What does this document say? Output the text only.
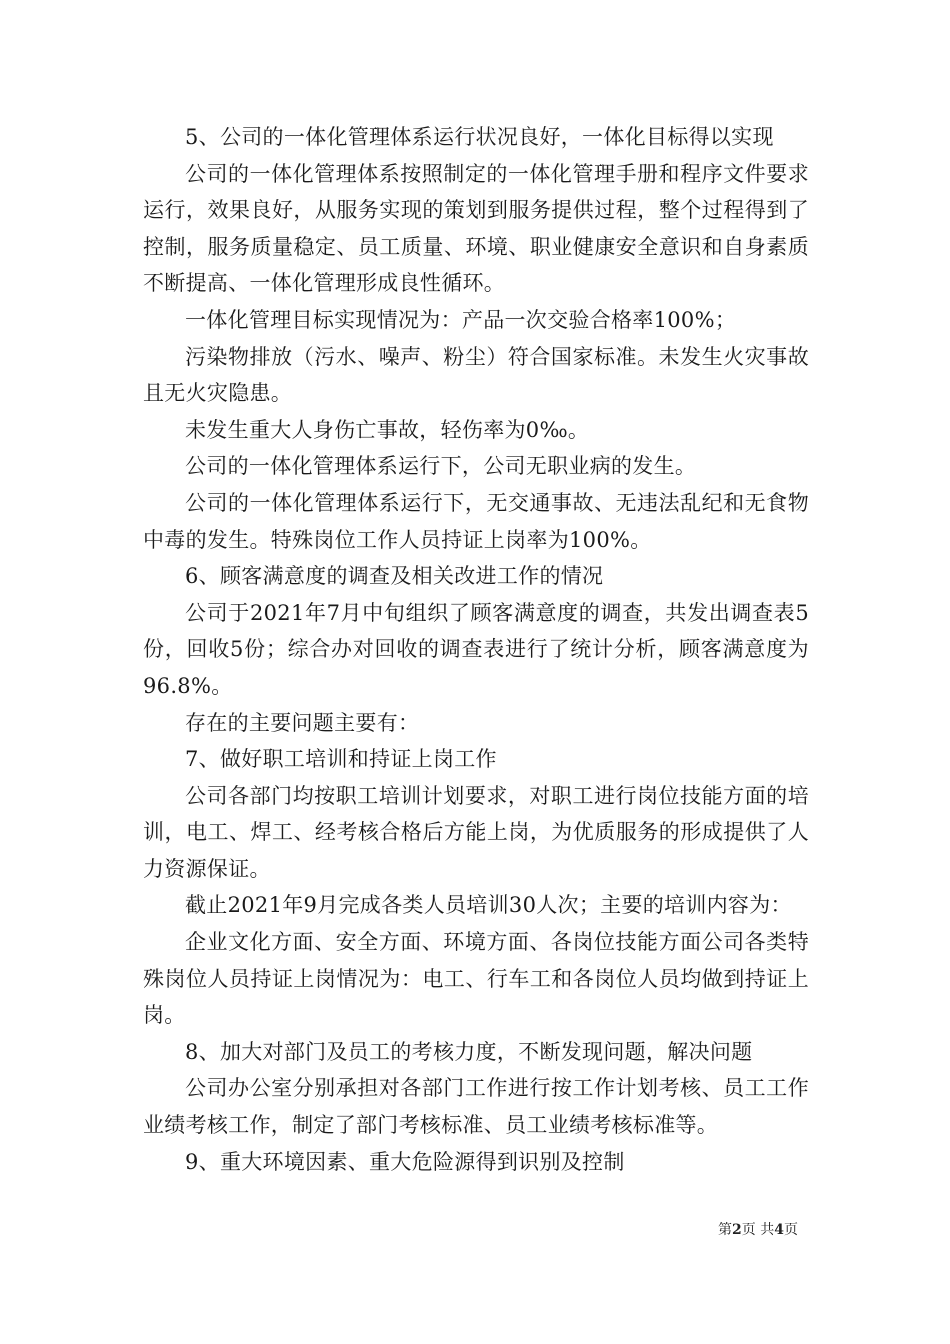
5、公司的一体化管理体系运行状况良好，一体化目标得以实现

公司的一体化管理体系按照制定的一体化管理手册和程序文件要求运行，效果良好，从服务实现的策划到服务提供过程，整个过程得到了控制，服务质量稳定、员工质量、环境、职业健康安全意识和自身素质不断提高、一体化管理形成良性循环。

一体化管理目标实现情况为：产品一次交验合格率100%；

污染物排放（污水、噪声、粉尘）符合国家标准。未发生火灾事故且无火灾隐患。

未发生重大人身伤亡事故，轻伤率为0‰。

公司的一体化管理体系运行下，公司无职业病的发生。

公司的一体化管理体系运行下，无交通事故、无违法乱纪和无食物中毒的发生。特殊岗位工作人员持证上岗率为100%。

6、顾客满意度的调查及相关改进工作的情况

公司于2021年7月中旬组织了顾客满意度的调查，共发出调查表5份，回收5份；综合办对回收的调查表进行了统计分析，顾客满意度为96.8%。

存在的主要问题主要有：

7、做好职工培训和持证上岗工作

公司各部门均按职工培训计划要求，对职工进行岗位技能方面的培训，电工、焊工、经考核合格后方能上岗，为优质服务的形成提供了人力资源保证。

截止2021年9月完成各类人员培训30人次；主要的培训内容为：

企业文化方面、安全方面、环境方面、各岗位技能方面公司各类特殊岗位人员持证上岗情况为：电工、行车工和各岗位人员均做到持证上岗。

8、加大对部门及员工的考核力度，不断发现问题，解决问题

公司办公室分别承担对各部门工作进行按工作计划考核、员工工作业绩考核工作，制定了部门考核标准、员工业绩考核标准等。

9、重大环境因素、重大危险源得到识别及控制

第2页 共4页
